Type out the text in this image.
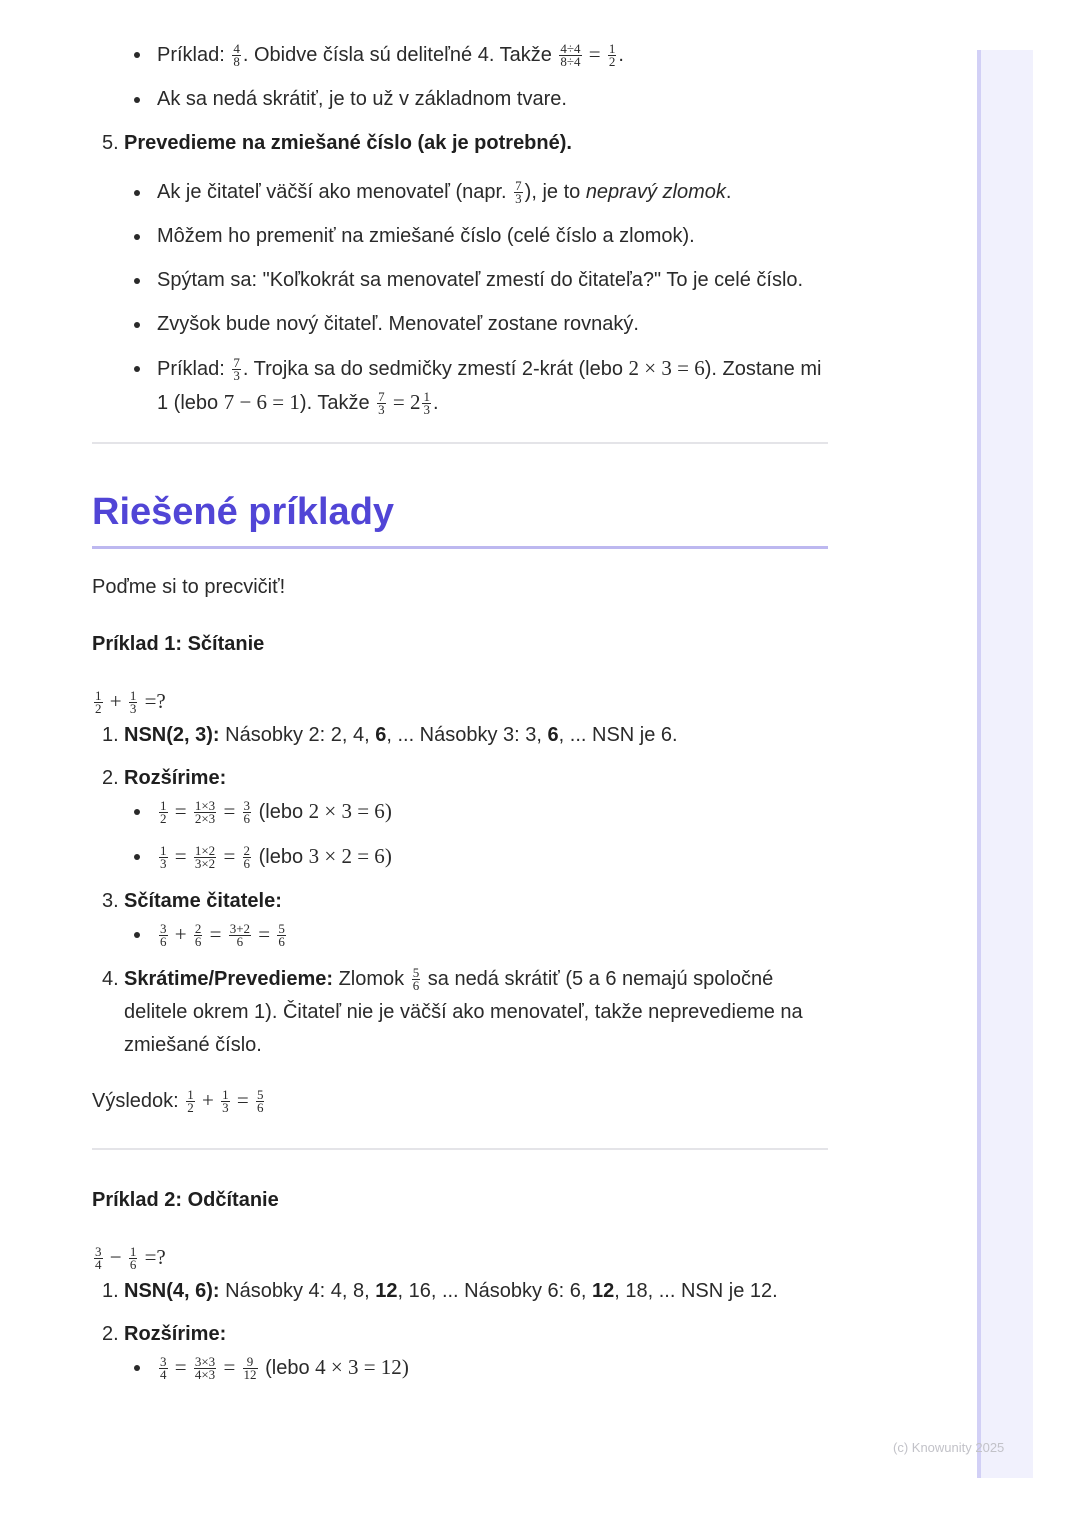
(c) Knowunity 2025
Príklad: $\frac{4}{8}$ . Obidve čísla sú deliteľné 4. Takže $\frac{4\div 4}{8\div 4} = \frac{1}{2}$ .
Ak sa nedá skrátiť, je to už v základnom tvare.
5. Prevedieme na zmiešané číslo (ak je potrebné).
Ak je čitateľ väčší ako menovateľ (napr. $\frac{7}{3}$ ), je to nepravý zlomok.
Môžem ho premeniť na zmiešané číslo (celé číslo a zlomok).
Spýtam sa: "Koľkokrát sa menovateľ zmestí do čitateľa?" To je celé číslo.
Zvyšok bude nový čitateľ. Menovateľ zostane rovnaký.
Príklad: $\frac{7}{3}$ . Trojka sa do sedmičky zmestí 2-krát (lebo 2 × 3 = 6). Zostane mi 1 (lebo 7 − 6 = 1). Takže $\frac{7}{3} = 2 \frac{1}{3}$ .
Riešené príklady
Poďme si to precvičiť!
Príklad 1: Sčítanie
$\frac{1}{2} + \frac{1}{3}$ =?
1. NSN(2, 3): Násobky 2: 2, 4, 6, ... Násobky 3: 3, 6, ... NSN je 6.
2. Rozšírime:
$\frac{1}{2} = \frac{1\times 3}{2\times 3} = \frac{3}{6}$ (lebo 2 × 3 = 6)
$\frac{1}{3} = \frac{1\times 2}{3\times 2} = \frac{2}{6}$ (lebo 3 × 2 = 6)
3. Sčítame čitatele:
$\frac{3}{6} + \frac{2}{6} = \frac{3+2}{6} = \frac{5}{6}$
4. Skrátime/Prevedieme: Zlomok $\frac{5}{6}$ sa nedá skrátiť (5 a 6 nemajú spoločné delitele okrem 1). Čitateľ nie je väčší ako menovateľ, takže neprevedieme na zmiešané číslo.
Výsledok: $\frac{1}{2} + \frac{1}{3} = \frac{5}{6}$
Príklad 2: Odčítanie
$\frac{3}{4} - \frac{1}{6}$ =?
1. NSN(4, 6): Násobky 4: 4, 8, 12, 16, ... Násobky 6: 6, 12, 18, ... NSN je 12.
2. Rozšírime:
$\frac{3}{4} = \frac{3\times 3}{4\times 3} = \frac{9}{12}$ (lebo 4 × 3 = 12)
